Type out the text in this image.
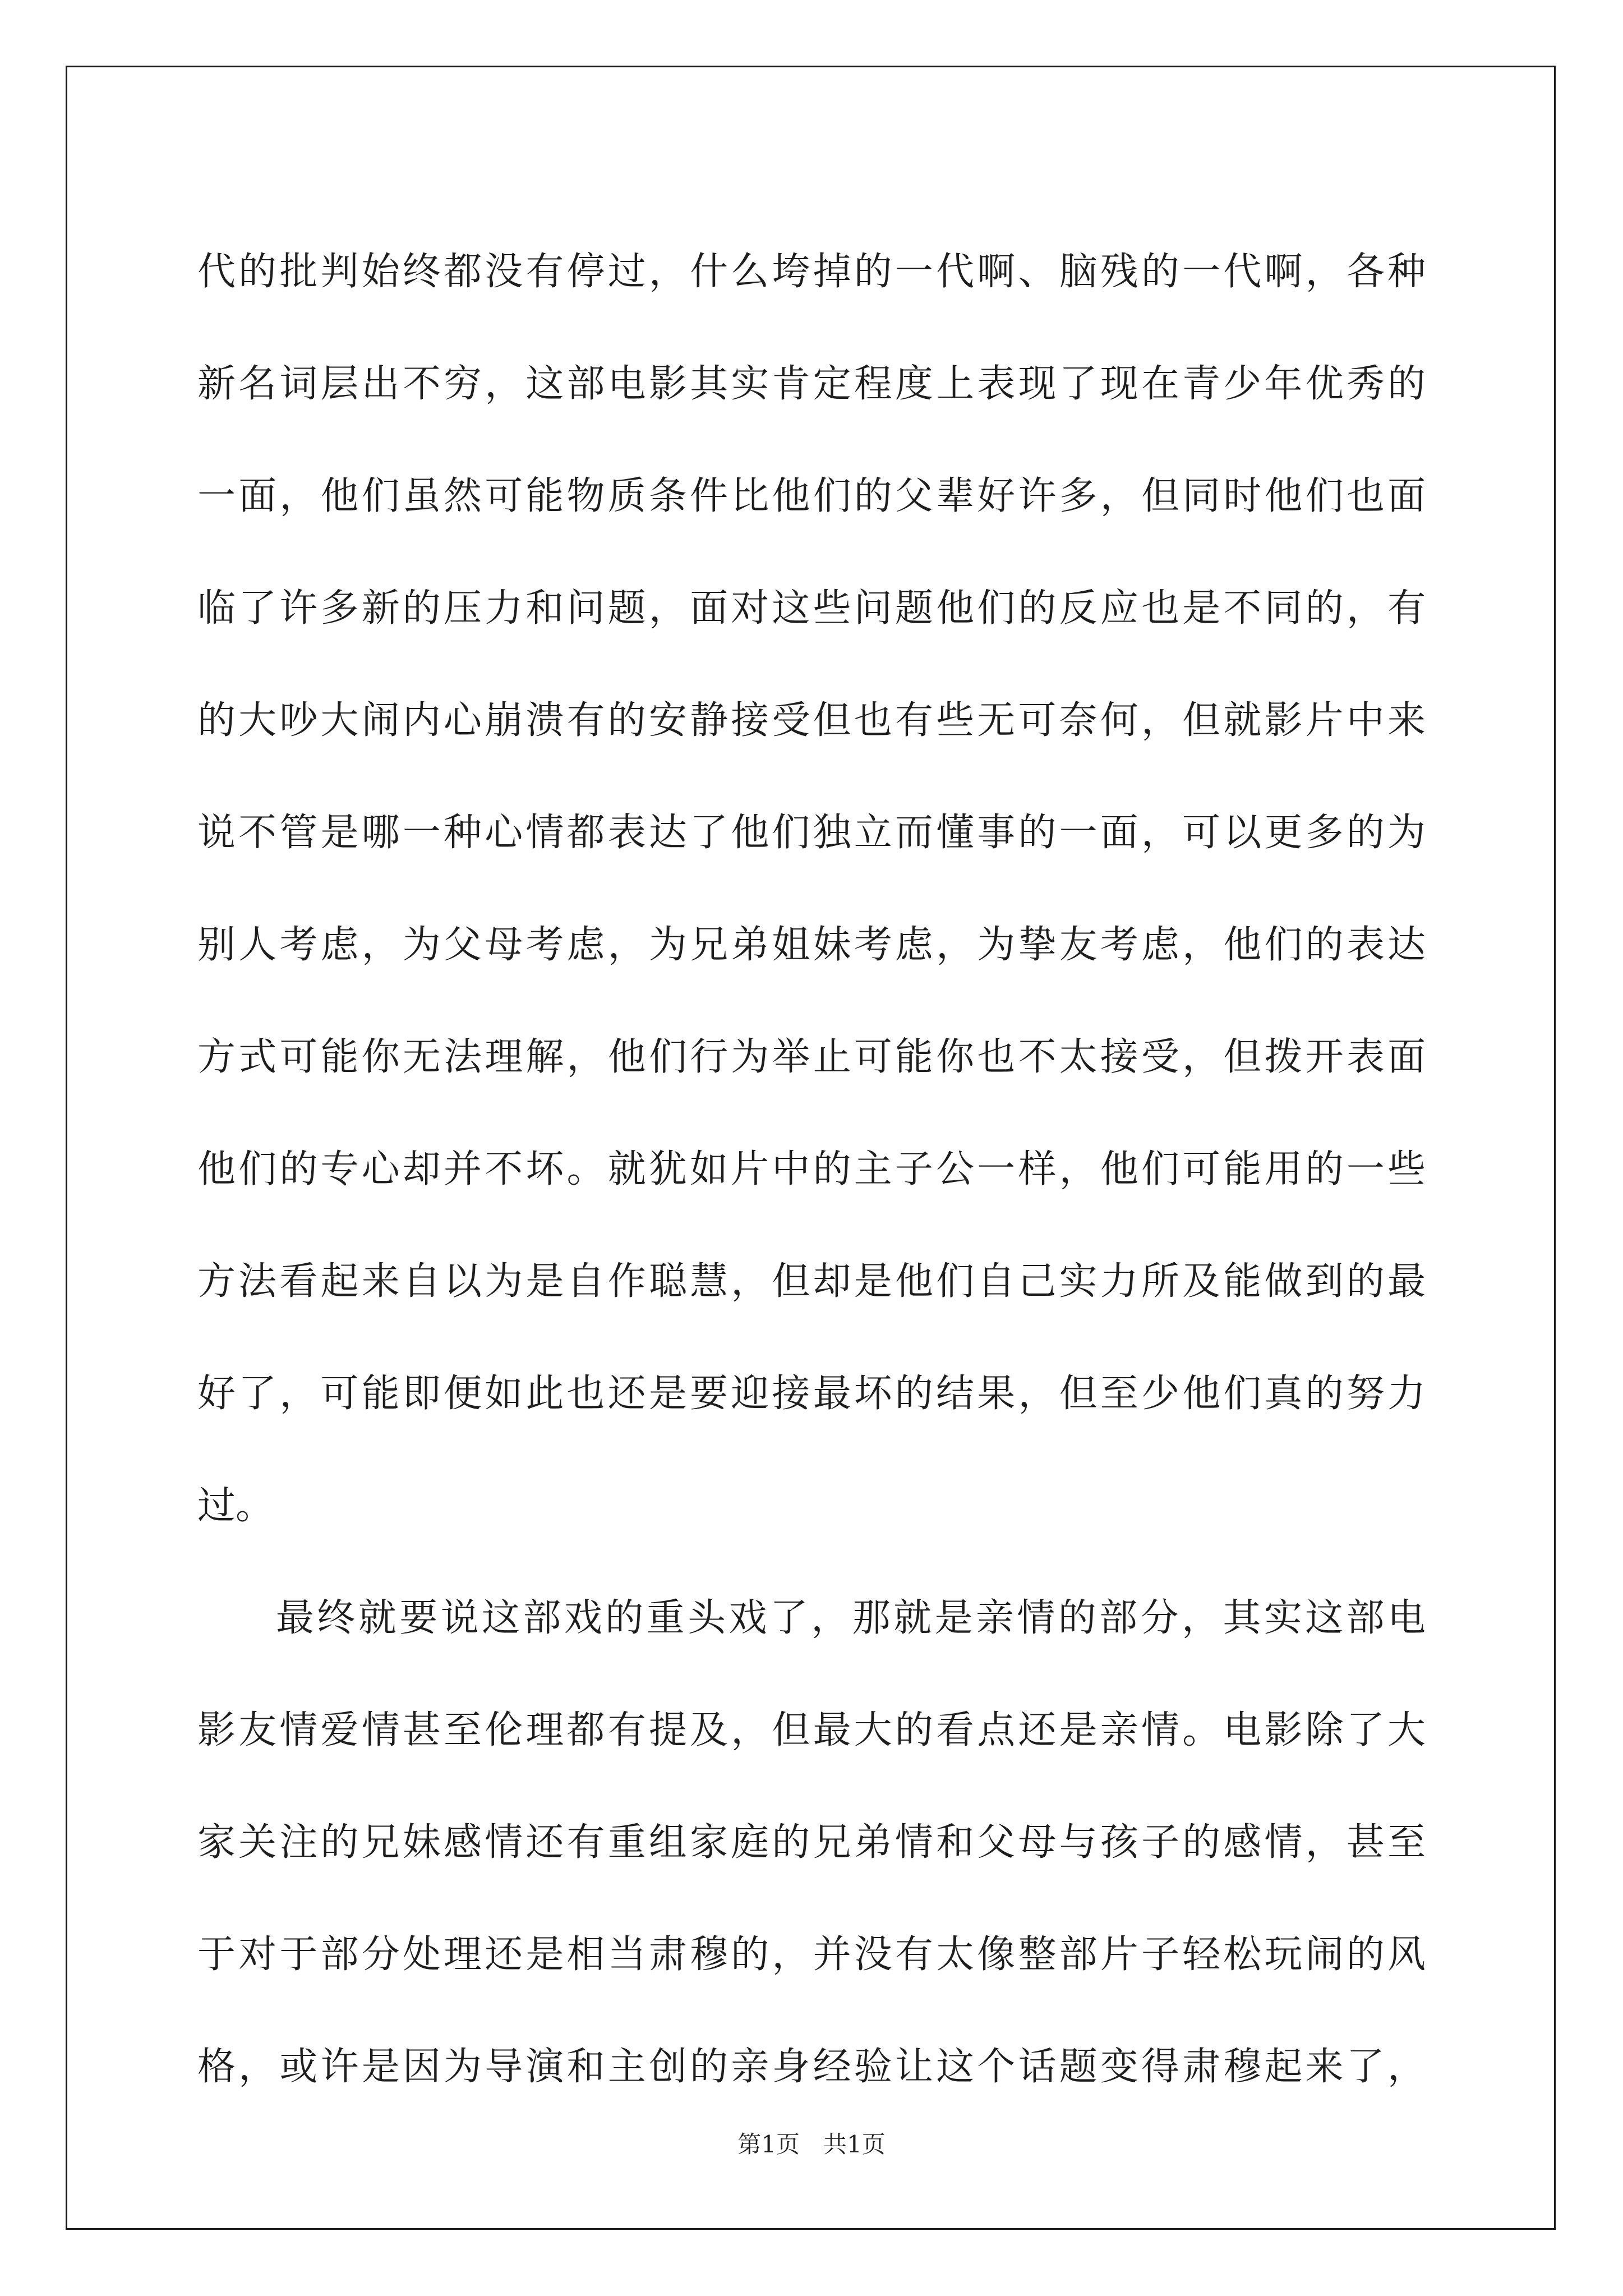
代的批判始终都没有停过，什么垮掉的一代啊、脑残的一代啊，各种
新名词层出不穷，这部电影其实肯定程度上表现了现在青少年优秀的
一面，他们虽然可能物质条件比他们的父辈好许多，但同时他们也面
临了许多新的压力和问题，面对这些问题他们的反应也是不同的，有
的大吵大闹内心崩溃有的安静接受但也有些无可奈何，但就影片中来
说不管是哪一种心情都表达了他们独立而懂事的一面，可以更多的为
别人考虑，为父母考虑，为兄弟姐妹考虑，为挚友考虑，他们的表达
方式可能你无法理解，他们行为举止可能你也不太接受，但拨开表面
他们的专心却并不坏。就犹如片中的主子公一样，他们可能用的一些
方法看起来自以为是自作聪慧，但却是他们自己实力所及能做到的最
好了，可能即便如此也还是要迎接最坏的结果，但至少他们真的努力
过。
最终就要说这部戏的重头戏了，那就是亲情的部分，其实这部电
影友情爱情甚至伦理都有提及，但最大的看点还是亲情。电影除了大
家关注的兄妹感情还有重组家庭的兄弟情和父母与孩子的感情，甚至
于对于部分处理还是相当肃穆的，并没有太像整部片子轻松玩闹的风
格，或许是因为导演和主创的亲身经验让这个话题变得肃穆起来了，
第1页　共1页
